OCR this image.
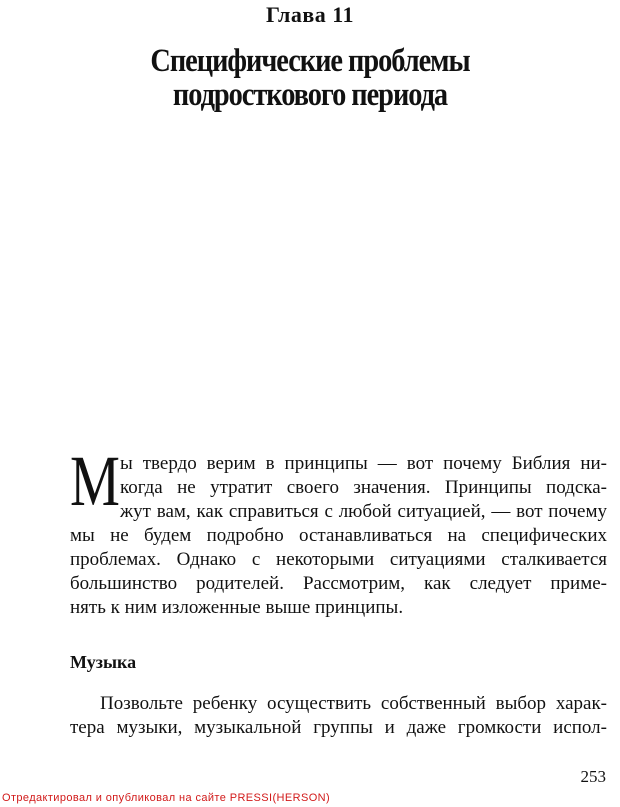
Глава 11
Специфические проблемы
подросткового периода
М ы твердо верим в принципы — вот почему Библия ни-
когда не утратит своего значения. Принципы подска-
жут вам, как справиться с любой ситуацией, — вот почему
мы не будем подробно останавливаться на специфических
проблемах. Однако с некоторыми ситуациями сталкивается
большинство родителей. Рассмотрим, как следует приме-
нять к ним изложенные выше принципы.
Музыка
Позвольте ребенку осуществить собственный выбор харак-
тера музыки, музыкальной группы и даже громкости испол-
253
Отредактировал и опубликовал на сайте PRESSI(HERSON)
